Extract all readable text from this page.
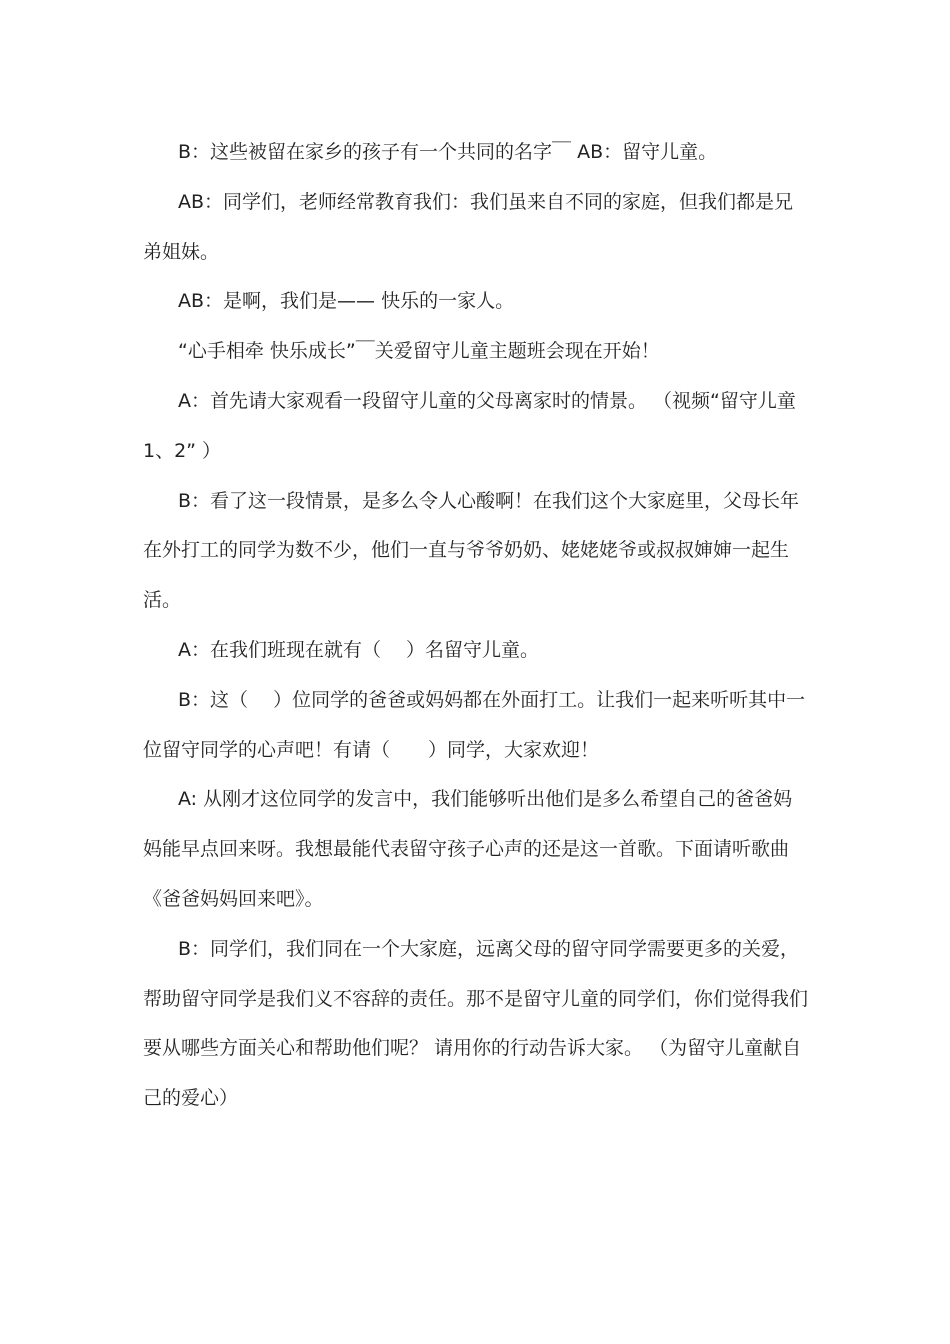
B：这些被留在家乡的孩子有一个共同的名字￣ AB：留守儿童。

AB：同学们，老师经常教育我们：我们虽来自不同的家庭，但我们都是兄弟姐妹。

AB：是啊，我们是—— 快乐的一家人。

“心手相牵 快乐成长”￣关爱留守儿童主题班会现在开始！

A：首先请大家观看一段留守儿童的父母离家时的情景。 （视频“留守儿童1、2” ）

B：看了这一段情景，是多么令人心酸啊！在我们这个大家庭里，父母长年在外打工的同学为数不少，他们一直与爷爷奶奶、姥姥姥爷或叔叔婶婶一起生活。

A：在我们班现在就有（　 ）名留守儿童。

B：这（　 ）位同学的爸爸或妈妈都在外面打工。让我们一起来听听其中一位留守同学的心声吧！有请（　　）同学，大家欢迎！

A: 从刚才这位同学的发言中，我们能够听出他们是多么希望自己的爸爸妈妈能早点回来呀。我想最能代表留守孩子心声的还是这一首歌。下面请听歌曲《爸爸妈妈回来吧》。

B：同学们，我们同在一个大家庭，远离父母的留守同学需要更多的关爱，帮助留守同学是我们义不容辞的责任。那不是留守儿童的同学们，你们觉得我们要从哪些方面关心和帮助他们呢？ 请用你的行动告诉大家。 （为留守儿童献自己的爱心）
